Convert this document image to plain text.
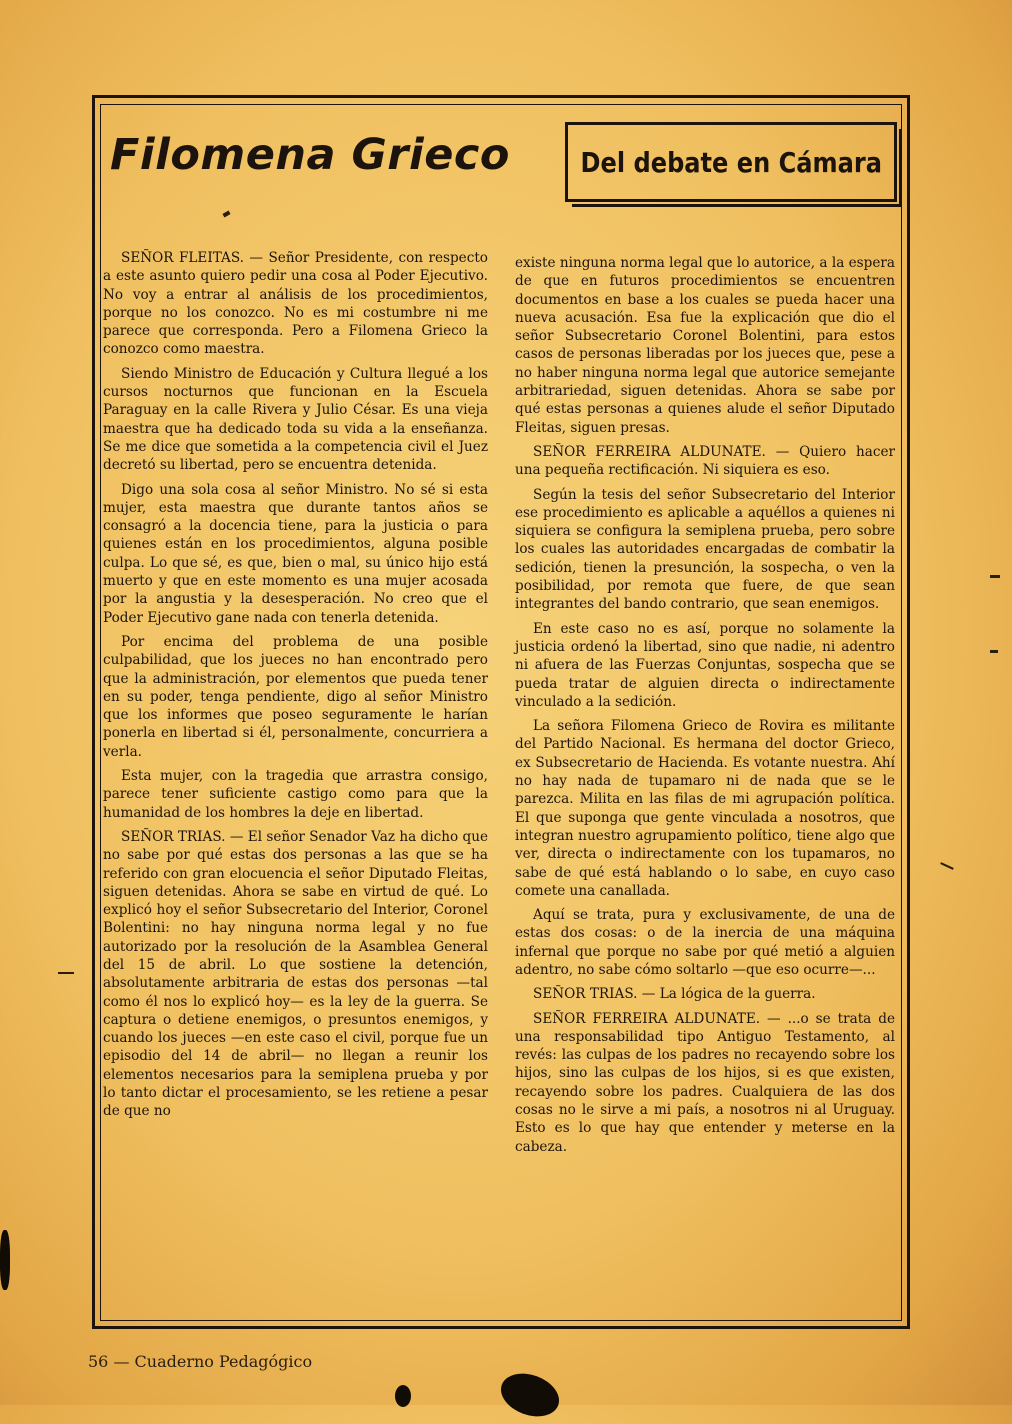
Filomena Grieco	Del debate en Cámara

SEÑOR FLEITAS. — Señor Presidente, con respecto a este asunto quiero pedir una cosa al Poder Ejecutivo. No voy a entrar al análisis de los procedimientos, porque no los conozco. No es mi costumbre ni me parece que corresponda. Pero a Filomena Grieco la conozco como maestra.

Siendo Ministro de Educación y Cultura llegué a los cursos nocturnos que funcionan en la Escuela Paraguay en la calle Rivera y Julio César. Es una vieja maestra que ha dedicado toda su vida a la enseñanza. Se me dice que sometida a la competencia civil el Juez decretó su libertad, pero se encuentra detenida.

Digo una sola cosa al señor Ministro. No sé si esta mujer, esta maestra que durante tantos años se consagró a la docencia tiene, para la justicia o para quienes están en los procedimientos, alguna posible culpa. Lo que sé, es que, bien o mal, su único hijo está muerto y que en este momento es una mujer acosada por la angustia y la desesperación. No creo que el Poder Ejecutivo gane nada con tenerla detenida.

Por encima del problema de una posible culpabilidad, que los jueces no han encontrado pero que la administración, por elementos que pueda tener en su poder, tenga pendiente, digo al señor Ministro que los informes que poseo seguramente le harían ponerla en libertad si él, personalmente, concurriera a verla.

Esta mujer, con la tragedia que arrastra consigo, parece tener suficiente castigo como para que la humanidad de los hombres la deje en libertad.

SEÑOR TRIAS. — El señor Senador Vaz ha dicho que no sabe por qué estas dos personas a las que se ha referido con gran elocuencia el señor Diputado Fleitas, siguen detenidas. Ahora se sabe en virtud de qué. Lo explicó hoy el señor Subsecretario del Interior, Coronel Bolentini: no hay ninguna norma legal y no fue autorizado por la resolución de la Asamblea General del 15 de abril. Lo que sostiene la detención, absolutamente arbitraria de estas dos personas —tal como él nos lo explicó hoy— es la ley de la guerra. Se captura o detiene enemigos, o presuntos enemigos, y cuando los jueces —en este caso el civil, porque fue un episodio del 14 de abril— no llegan a reunir los elementos necesarios para la semiplena prueba y por lo tanto dictar el procesamiento, se les retiene a pesar de que no

existe ninguna norma legal que lo autorice, a la espera de que en futuros procedimientos se encuentren documentos en base a los cuales se pueda hacer una nueva acusación. Esa fue la explicación que dio el señor Subsecretario Coronel Bolentini, para estos casos de personas liberadas por los jueces que, pese a no haber ninguna norma legal que autorice semejante arbitrariedad, siguen detenidas. Ahora se sabe por qué estas personas a quienes alude el señor Diputado Fleitas, siguen presas.

SEÑOR FERREIRA ALDUNATE. — Quiero hacer una pequeña rectificación. Ni siquiera es eso.

Según la tesis del señor Subsecretario del Interior ese procedimiento es aplicable a aquéllos a quienes ni siquiera se configura la semiplena prueba, pero sobre los cuales las autoridades encargadas de combatir la sedición, tienen la presunción, la sospecha, o ven la posibilidad, por remota que fuere, de que sean integrantes del bando contrario, que sean enemigos.

En este caso no es así, porque no solamente la justicia ordenó la libertad, sino que nadie, ni adentro ni afuera de las Fuerzas Conjuntas, sospecha que se pueda tratar de alguien directa o indirectamente vinculado a la sedición.

La señora Filomena Grieco de Rovira es militante del Partido Nacional. Es hermana del doctor Grieco, ex Subsecretario de Hacienda. Es votante nuestra. Ahí no hay nada de tupamaro ni de nada que se le parezca. Milita en las filas de mi agrupación política. El que suponga que gente vinculada a nosotros, que integran nuestro agrupamiento político, tiene algo que ver, directa o indirectamente con los tupamaros, no sabe de qué está hablando o lo sabe, en cuyo caso comete una canallada.

Aquí se trata, pura y exclusivamente, de una de estas dos cosas: o de la inercia de una máquina infernal que porque no sabe por qué metió a alguien adentro, no sabe cómo soltarlo —que eso ocurre—...

SEÑOR TRIAS. — La lógica de la guerra.

SEÑOR FERREIRA ALDUNATE. — ...o se trata de una responsabilidad tipo Antiguo Testamento, al revés: las culpas de los padres no recayendo sobre los hijos, sino las culpas de los hijos, si es que existen, recayendo sobre los padres. Cualquiera de las dos cosas no le sirve a mi país, a nosotros ni al Uruguay. Esto es lo que hay que entender y meterse en la cabeza.

56 — Cuaderno Pedagógico
